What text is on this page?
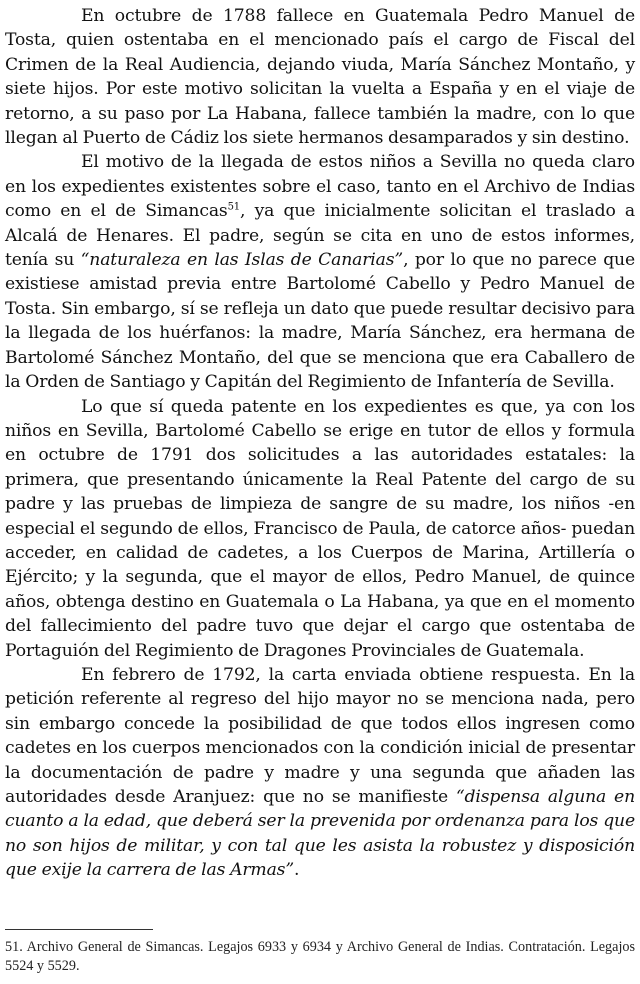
En octubre de 1788 fallece en Guatemala Pedro Manuel de Tosta, quien ostentaba en el mencionado país el cargo de Fiscal del Crimen de la Real Audiencia, dejando viuda, María Sánchez Montaño, y siete hijos. Por este motivo solicitan la vuelta a España y en el viaje de retorno, a su paso por La Habana, fallece también la madre, con lo que llegan al Puerto de Cádiz los siete hermanos desamparados y sin destino.

El motivo de la llegada de estos niños a Sevilla no queda claro en los expedientes existentes sobre el caso, tanto en el Archivo de Indias como en el de Simancas$^{51}$, ya que inicialmente solicitan el traslado a Alcalá de Henares. El padre, según se cita en uno de estos informes, tenía su “naturaleza en las Islas de Canarias”, por lo que no parece que existiese amistad previa entre Bartolomé Cabello y Pedro Manuel de Tosta. Sin embargo, sí se refleja un dato que puede resultar decisivo para la llegada de los huérfanos: la madre, María Sánchez, era hermana de Bartolomé Sánchez Montaño, del que se menciona que era Caballero de la Orden de Santiago y Capitán del Regimiento de Infantería de Sevilla.

Lo que sí queda patente en los expedientes es que, ya con los niños en Sevilla, Bartolomé Cabello se erige en tutor de ellos y formula en octubre de 1791 dos solicitudes a las autoridades estatales: la primera, que presentando únicamente la Real Patente del cargo de su padre y las pruebas de limpieza de sangre de su madre, los niños -en especial el segundo de ellos, Francisco de Paula, de catorce años- puedan acceder, en calidad de cadetes, a los Cuerpos de Marina, Artillería o Ejército; y la segunda, que el mayor de ellos, Pedro Manuel, de quince años, obtenga destino en Guatemala o La Habana, ya que en el momento del fallecimiento del padre tuvo que dejar el cargo que ostentaba de Portaguión del Regimiento de Dragones Provinciales de Guatemala.

En febrero de 1792, la carta enviada obtiene respuesta. En la petición referente al regreso del hijo mayor no se menciona nada, pero sin embargo concede la posibilidad de que todos ellos ingresen como cadetes en los cuerpos mencionados con la condición inicial de presentar la documentación de padre y madre y una segunda que añaden las autoridades desde Aranjuez: que no se manifieste “dispensa alguna en cuanto a la edad, que deberá ser la prevenida por ordenanza para los que no son hijos de militar, y con tal que les asista la robustez y disposición que exije la carrera de las Armas”.

51. Archivo General de Simancas. Legajos 6933 y 6934 y Archivo General de Indias. Contratación. Legajos 5524 y 5529.
